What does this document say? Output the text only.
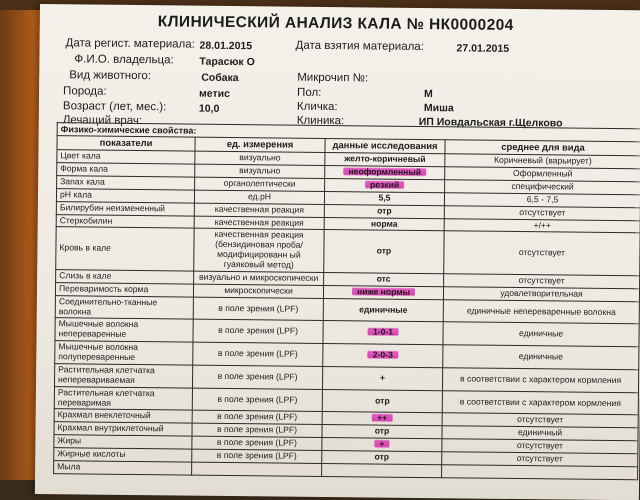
КЛИНИЧЕСКИЙ АНАЛИЗ КАЛА № НК0000204
Дата регист. материала: 28.01.2015	Дата взятия материала:	27.01.2015
Ф.И.О. владельца: Тарасюк О
Вид животного:	Собака	Микрочип №:
Порода:	метис	Пол:	М
Возраст (лет, мес.):	10,0	Кличка:	Миша
Лечащий врач:	Клиника:	ИП Иовдальская г.Щелково
Физико-химические свойства:			
показатели	ед. измерения	данные исследования	среднее для вида
Цвет кала	визуально	желто-коричневый	Коричневый (варьирует)
Форма кала	визуально	неоформленный	Оформленный
Запах кала	органолептически	резкий	специфический
pH кала	ед.pH	5,5	6,5 - 7,5
Билирубин неизмененный	качественная реакция	отр	отсутствует
Стеркобилин	качественная реакция	норма	+/++
Кровь в кале	качественная реакция (бензидиновая проба/модифицированн ый гуаяковый метод)	отр	отсутствует
Слизь в кале	визуально и микроскопически	отс	отсутствует
Переваримость корма	микроскопически	ниже нормы	удовлетворительная
Соединительно-тканные волокна	в поле зрения (LPF)	единичные	единичные непереваренные волокна
Мышечные волокна непереваренные	в поле зрения (LPF)	1-0-1	единичные
Мышечные волокна полупереваренные	в поле зрения (LPF)	2-0-3	единичные
Растительная клетчатка неперевариваемая	в поле зрения (LPF)	+	в соответствии с характером кормления
Растительная клетчатка переваримая	в поле зрения (LPF)	отр	в соответствии с характером кормления
Крахмал внеклеточный	в поле зрения (LPF)	++	отсутствует
Крахмал внутриклеточный	в поле зрения (LPF)	отр	единичный
Жиры	в поле зрения (LPF)	+	отсутствует
Жирные кислоты	в поле зрения (LPF)	отр	отсутствует
Мыла			
